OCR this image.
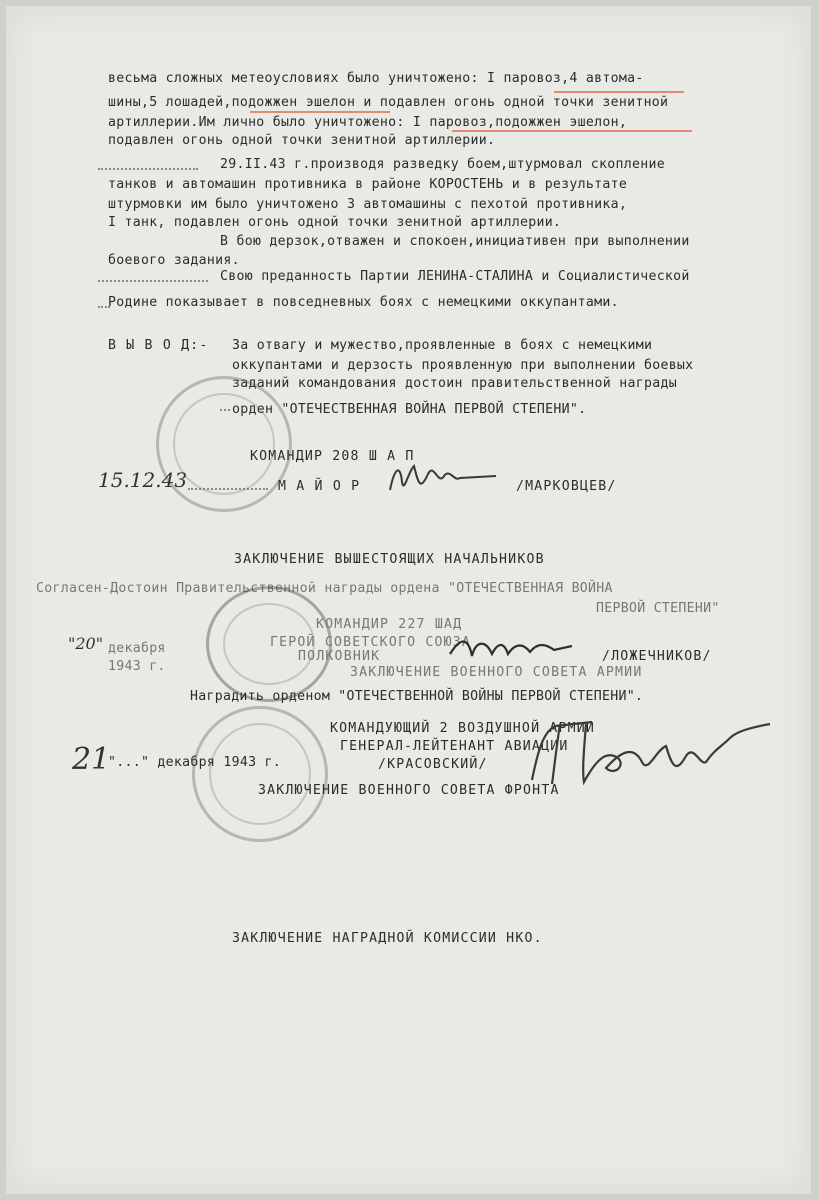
весьма сложных метеоусловиях было уничтожено: I паровоз,4 автома-
шины,5 лошадей,подожжен эшелон и подавлен огонь одной точки зенитной
артиллерии.Им лично было уничтожено: I паровоз,подожжен эшелон,
подавлен огонь одной точки зенитной артиллерии.
29.II.43 г.производя разведку боем,штурмовал скопление
танков и автомашин противника в районе КОРОСТЕНЬ и в результате
штурмовки им было уничтожено 3 автомашины с пехотой противника,
I танк, подавлен огонь одной точки зенитной артиллерии.
В бою дерзок,отважен и спокоен,инициативен при выполнении
боевого задания.
Свою преданность Партии ЛЕНИНА-СТАЛИНА и Социалистической
Родине показывает в повседневных боях с немецкими оккупантами.
В Ы В О Д:- За отвагу и мужество,проявленные в боях с немецкими
оккупантами и дерзость проявленную при выполнении боевых
заданий командования достоин правительственной награды
орден "ОТЕЧЕСТВЕННАЯ ВОЙНА ПЕРВОЙ СТЕПЕНИ".
КОМАНДИР 208 Ш А П
15.12.43	М А Й О Р	/МАРКОВЦЕВ/
ЗАКЛЮЧЕНИЕ ВЫШЕСТОЯЩИХ НАЧАЛЬНИКОВ
Согласен-Достоин Правительственной награды ордена "ОТЕЧЕСТВЕННАЯ ВОЙНА
ПЕРВОЙ СТЕПЕНИ"
КОМАНДИР 227 ШАД
ГЕРОЙ СОВЕТСКОГО СОЮЗА
"20" декабря
1943 г.
ПОЛКОВНИК	/ЛОЖЕЧНИКОВ/
ЗАКЛЮЧЕНИЕ ВОЕННОГО СОВЕТА АРМИИ
Наградить орденом "ОТЕЧЕСТВЕННОЙ ВОЙНЫ ПЕРВОЙ СТЕПЕНИ".
КОМАНДУЮЩИЙ 2 ВОЗДУШНОЙ АРМИИ
ГЕНЕРАЛ-ЛЕЙТЕНАНТ АВИАЦИИ
/КРАСОВСКИЙ/
21
"..." декабря 1943 г.
ЗАКЛЮЧЕНИЕ ВОЕННОГО СОВЕТА ФРОНТА
ЗАКЛЮЧЕНИЕ НАГРАДНОЙ КОМИССИИ НКО.
